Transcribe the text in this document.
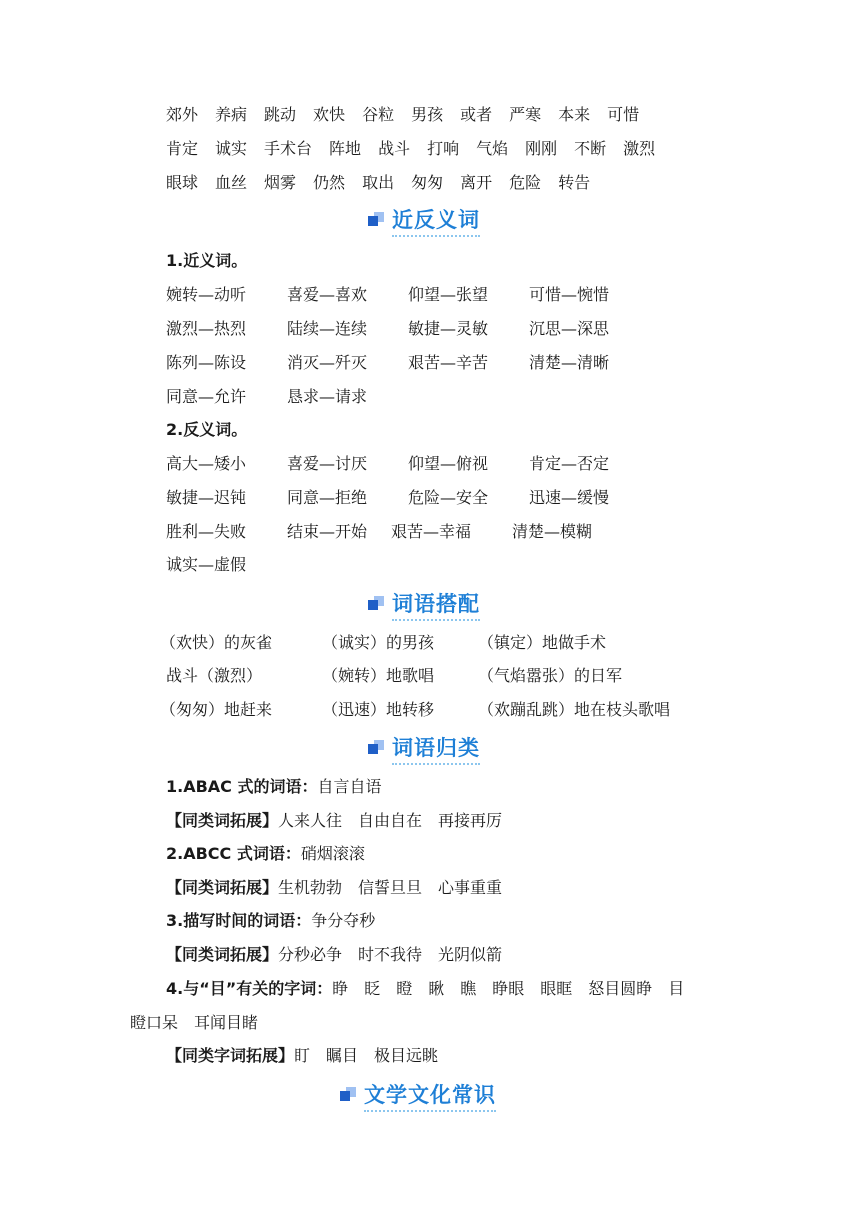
郊外 养病 跳动 欢快 谷粒 男孩 或者 严寒 本来 可惜
肯定 诚实 手术台 阵地 战斗 打响 气焰 刚刚 不断 激烈
眼球 血丝 烟雾 仍然 取出 匆匆 离开 危险 转告
近反义词
1.近义词。
婉转—动听	喜爱—喜欢	仰望—张望	可惜—惋惜
激烈—热烈	陆续—连续	敏捷—灵敏	沉思—深思
陈列—陈设	消灭—歼灭	艰苦—辛苦	清楚—清晰
同意—允许	恳求—请求
2.反义词。
高大—矮小	喜爱—讨厌	仰望—俯视	肯定—否定
敏捷—迟钝	同意—拒绝	危险—安全	迅速—缓慢
胜利—失败	结束—开始 艰苦—幸福	清楚—模糊
诚实—虚假
词语搭配
（欢快）的灰雀	（诚实）的男孩	（镇定）地做手术
战斗（激烈）	（婉转）地歌唱	（气焰嚣张）的日军
（匆匆）地赶来	（迅速）地转移	（欢蹦乱跳）地在枝头歌唱
词语归类
1.ABAC 式的词语：自言自语
【同类词拓展】人来人往　自由自在　再接再厉
2.ABCC 式词语：硝烟滚滚
【同类词拓展】生机勃勃　信誓旦旦　心事重重
3.描写时间的词语：争分夺秒
【同类词拓展】分秒必争　时不我待　光阴似箭
4.与“目”有关的字词：睁　眨　瞪　瞅　瞧　睁眼　眼眶　怒目圆睁　目
瞪口呆　耳闻目睹
【同类字词拓展】盯　瞩目　极目远眺
文学文化常识
